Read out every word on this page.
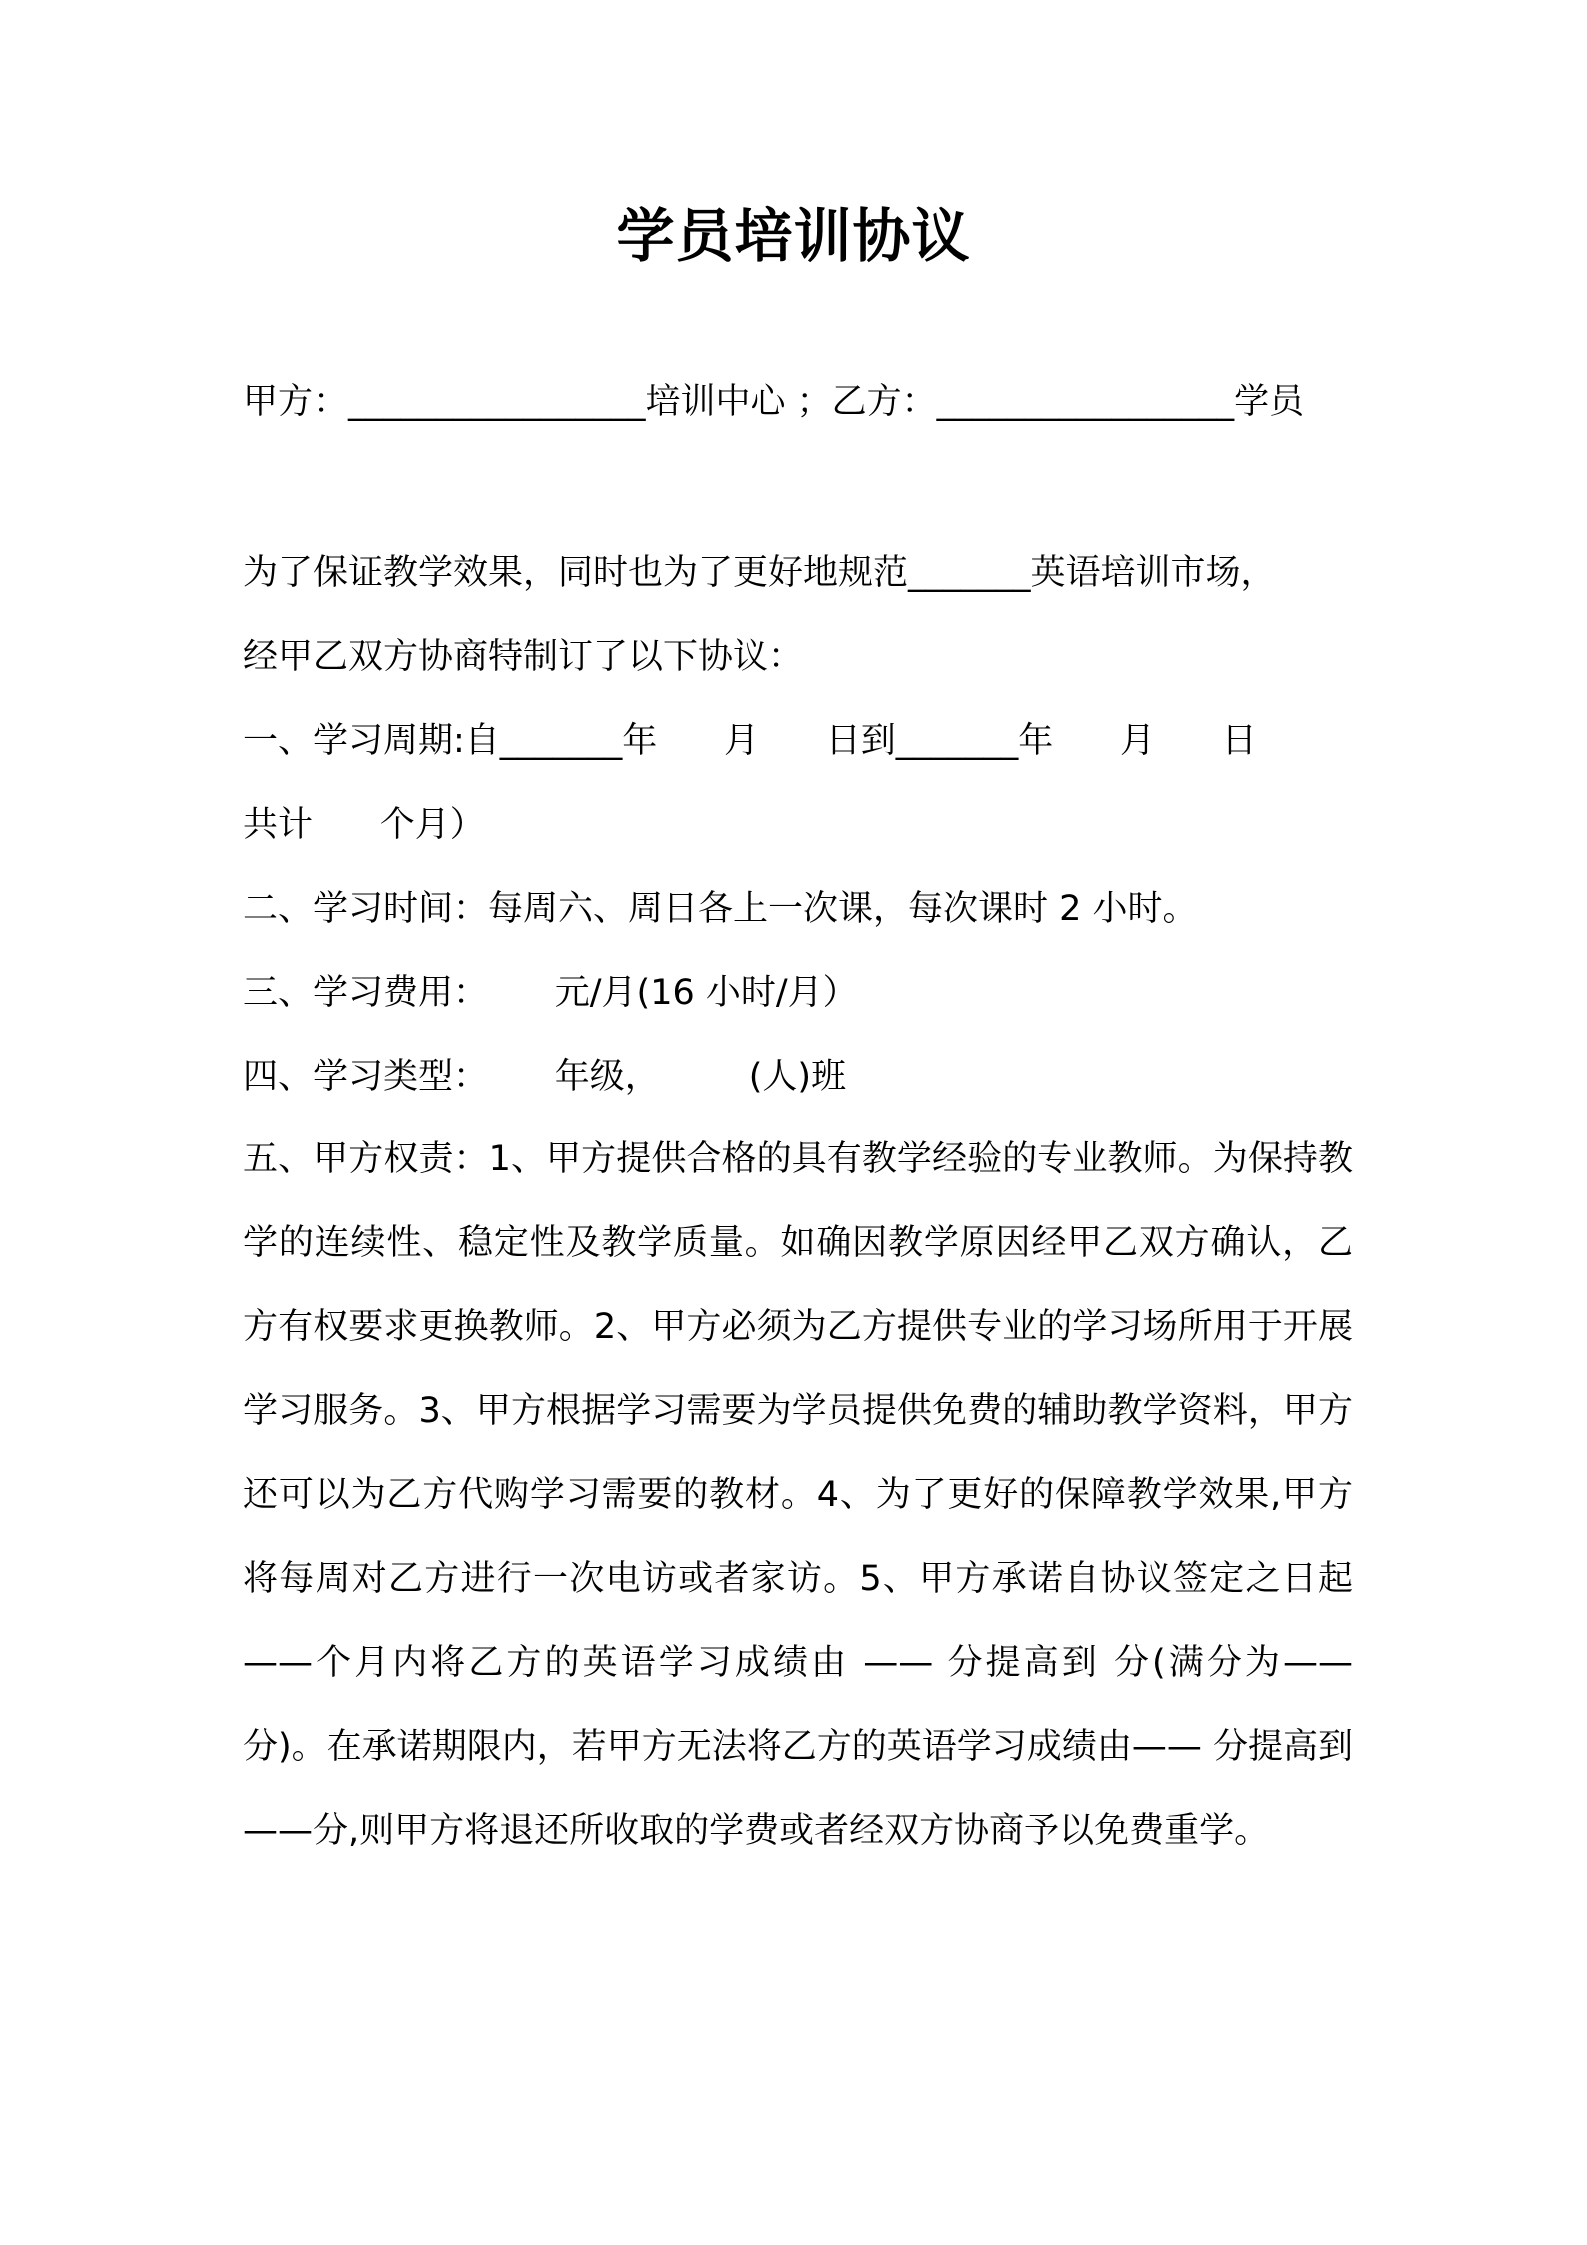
学员培训协议
甲方：_________________培训中心 ；乙方：_________________学员
为了保证教学效果，同时也为了更好地规范_______英语培训市场，
经甲乙双方协商特制订了以下协议：
一、学习周期:自_______年      月      日到_______年      月      日
共计      个月）
二、学习时间：每周六、周日各上一次课，每次课时 2 小时。
三、学习费用：      元/月(16 小时/月）
四、学习类型：      年级，        (人)班
五、甲方权责：1、甲方提供合格的具有教学经验的专业教师。为保持教学的连续性、稳定性及教学质量。如确因教学原因经甲乙双方确认，乙方有权要求更换教师。2、甲方必须为乙方提供专业的学习场所用于开展学习服务。3、甲方根据学习需要为学员提供免费的辅助教学资料，甲方还可以为乙方代购学习需要的教材。4、为了更好的保障教学效果,甲方将每周对乙方进行一次电访或者家访。5、甲方承诺自协议签定之日起——个月内将乙方的英语学习成绩由 —— 分提高到 分(满分为—— 分)。在承诺期限内，若甲方无法将乙方的英语学习成绩由—— 分提高到 ——分,则甲方将退还所收取的学费或者经双方协商予以免费重学。
